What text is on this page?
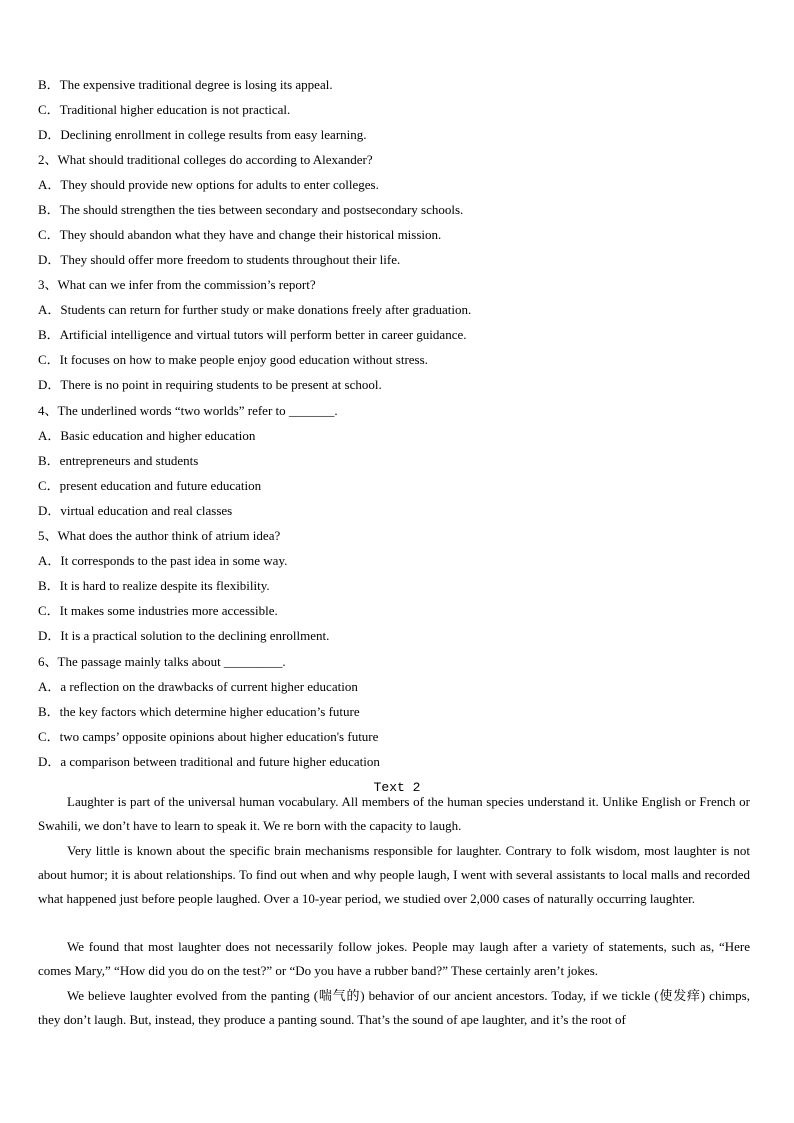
B．The expensive traditional degree is losing its appeal.
C．Traditional higher education is not practical.
D．Declining enrollment in college results from easy learning.
2、What should traditional colleges do according to Alexander?
A．They should provide new options for adults to enter colleges.
B．The should strengthen the ties between secondary and postsecondary schools.
C．They should abandon what they have and change their historical mission.
D．They should offer more freedom to students throughout their life.
3、What can we infer from the commission’s report?
A．Students can return for further study or make donations freely after graduation.
B．Artificial intelligence and virtual tutors will perform better in career guidance.
C．It focuses on how to make people enjoy good education without stress.
D．There is no point in requiring students to be present at school.
4、The underlined words “two worlds” refer to _______.
A．Basic education and higher education
B．entrepreneurs and students
C．present education and future education
D．virtual education and real classes
5、What does the author think of atrium idea?
A．It corresponds to the past idea in some way.
B．It is hard to realize despite its flexibility.
C．It makes some industries more accessible.
D．It is a practical solution to the declining enrollment.
6、The passage mainly talks about _________.
A．a reflection on the drawbacks of current higher education
B．the key factors which determine higher education’s future
C．two camps’ opposite opinions about higher education's future
D．a comparison between traditional and future higher education
Text 2

Laughter is part of the universal human vocabulary. All members of the human species understand it. Unlike English or French or Swahili, we don’t have to learn to speak it. We re born with the capacity to laugh.

Very little is known about the specific brain mechanisms responsible for laughter. Contrary to folk wisdom, most laughter is not about humor; it is about relationships. To find out when and why people laugh, I went with several assistants to local malls and recorded what happened just before people laughed. Over a 10-year period, we studied over 2,000 cases of naturally occurring laughter.

We found that most laughter does not necessarily follow jokes. People may laugh after a variety of statements, such as, “Here comes Mary,” “How did you do on the test?” or “Do you have a rubber band?” These certainly aren’t jokes.

We believe laughter evolved from the panting (喘气的) behavior of our ancient ancestors. Today, if we tickle (使发痒) chimps, they don’t laugh. But, instead, they produce a panting sound. That’s the sound of ape laughter, and it’s the root of
